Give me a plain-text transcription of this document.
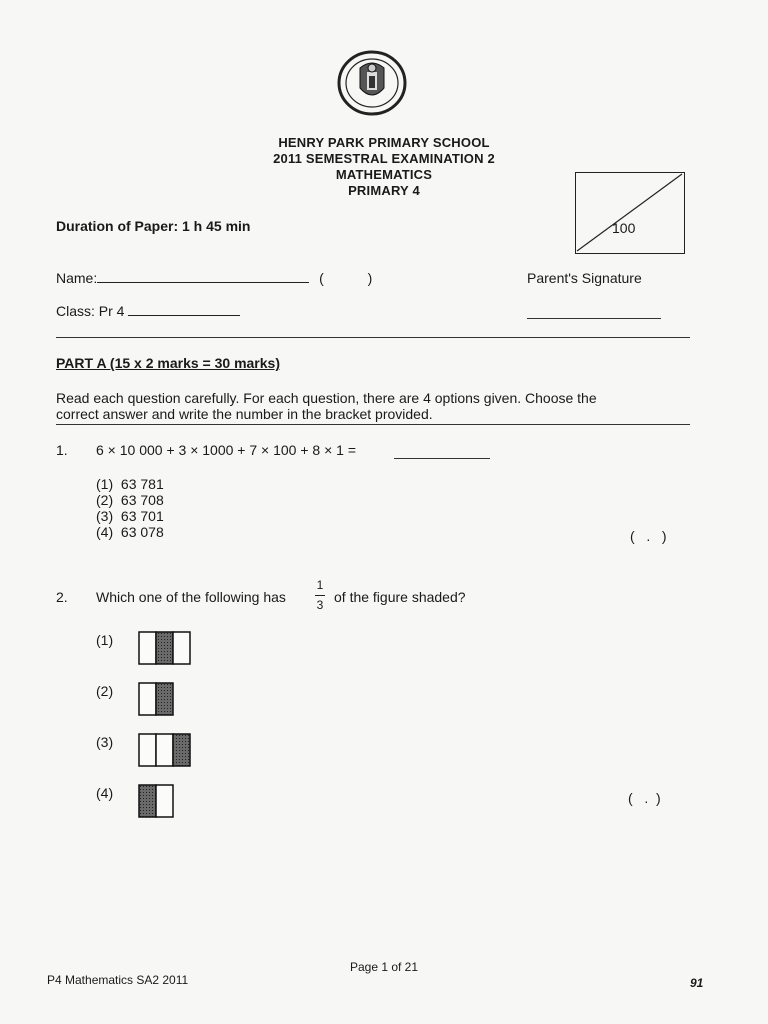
HENRY PARK PRIMARY SCHOOL
2011 SEMESTRAL EXAMINATION 2
MATHEMATICS
PRIMARY 4
Duration of Paper: 1 h 45 min	100
Name:	(	)	Parent's Signature
Class: Pr 4
PART A (15 x 2 marks = 30 marks)
Read each question carefully. For each question, there are 4 options given. Choose the
correct answer and write the number in the bracket provided.
1. 6 × 10 000 + 3 × 1000 + 7 × 100 + 8 × 1 =
(1) 63 781
(2) 63 708
(3) 63 701
(4) 63 078	(   .   )
2. Which one of the following has
1
3 of the figure shaded?
(1)
(2)
(3)
(4)	(   .  )
Page 1 of 21
P4 Mathematics SA2 2011	91
